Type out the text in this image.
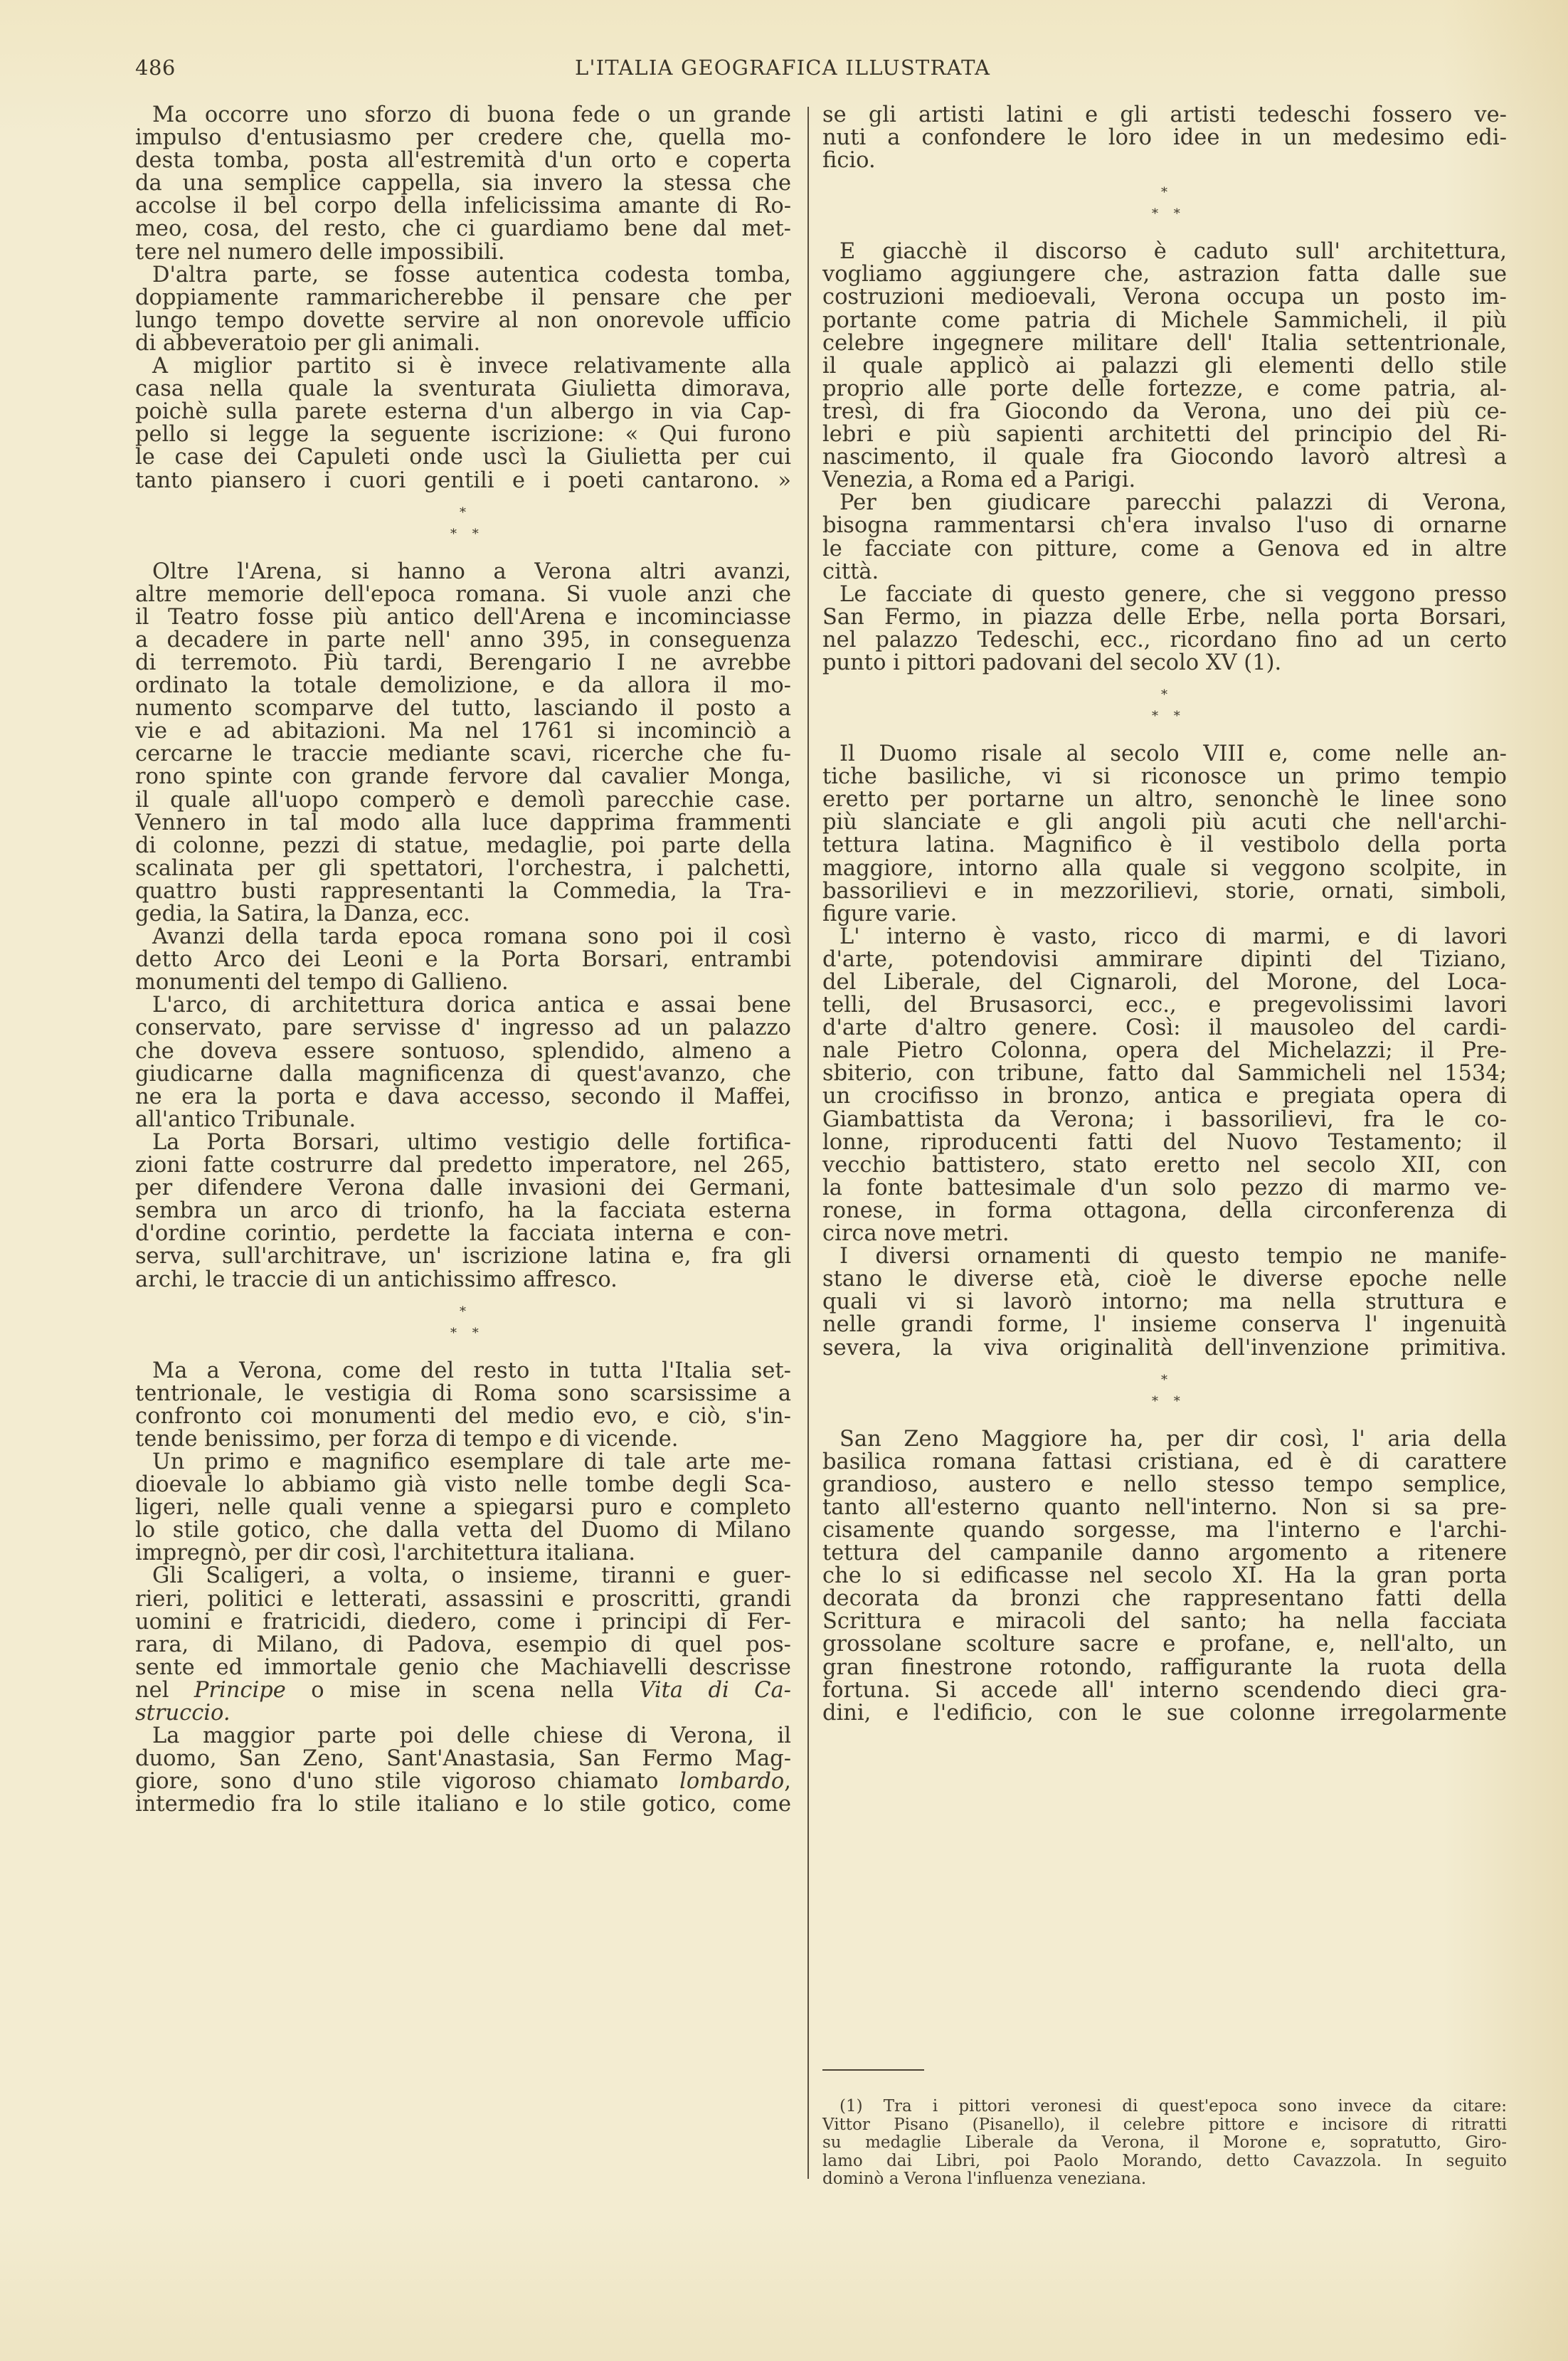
486	L'ITALIA GEOGRAFICA ILLUSTRATA
Ma occorre uno sforzo di buona fede o un grande
impulso d'entusiasmo per credere che, quella mo-
desta tomba, posta all'estremità d'un orto e coperta
da una semplice cappella, sia invero la stessa che
accolse il bel corpo della infelicissima amante di Ro-
meo, cosa, del resto, che ci guardiamo bene dal met-
tere nel numero delle impossibili.
D'altra parte, se fosse autentica codesta tomba,
doppiamente rammaricherebbe il pensare che per
lungo tempo dovette servire al non onorevole ufficio
di abbeveratoio per gli animali.
A miglior partito si è invece relativamente alla
casa nella quale la sventurata Giulietta dimorava,
poichè sulla parete esterna d'un albergo in via Cap-
pello si legge la seguente iscrizione: « Qui furono
le case dei Capuleti onde uscì la Giulietta per cui
tanto piansero i cuori gentili e i poeti cantarono. »
*
* *
Oltre l'Arena, si hanno a Verona altri avanzi,
altre memorie dell'epoca romana. Si vuole anzi che
il Teatro fosse più antico dell'Arena e incominciasse
a decadere in parte nell' anno 395, in conseguenza
di terremoto. Più tardi, Berengario I ne avrebbe
ordinato la totale demolizione, e da allora il mo-
numento scomparve del tutto, lasciando il posto a
vie e ad abitazioni. Ma nel 1761 si incominciò a
cercarne le traccie mediante scavi, ricerche che fu-
rono spinte con grande fervore dal cavalier Monga,
il quale all'uopo comperò e demolì parecchie case.
Vennero in tal modo alla luce dapprima frammenti
di colonne, pezzi di statue, medaglie, poi parte della
scalinata per gli spettatori, l'orchestra, i palchetti,
quattro busti rappresentanti la Commedia, la Tra-
gedia, la Satira, la Danza, ecc.
Avanzi della tarda epoca romana sono poi il così
detto Arco dei Leoni e la Porta Borsari, entrambi
monumenti del tempo di Gallieno.
L'arco, di architettura dorica antica e assai bene
conservato, pare servisse d' ingresso ad un palazzo
che doveva essere sontuoso, splendido, almeno a
giudicarne dalla magnificenza di quest'avanzo, che
ne era la porta e dava accesso, secondo il Maffei,
all'antico Tribunale.
La Porta Borsari, ultimo vestigio delle fortifica-
zioni fatte costrurre dal predetto imperatore, nel 265,
per difendere Verona dalle invasioni dei Germani,
sembra un arco di trionfo, ha la facciata esterna
d'ordine corintio, perdette la facciata interna e con-
serva, sull'architrave, un' iscrizione latina e, fra gli
archi, le traccie di un antichissimo affresco.
*
* *
Ma a Verona, come del resto in tutta l'Italia set-
tentrionale, le vestigia di Roma sono scarsissime a
confronto coi monumenti del medio evo, e ciò, s'in-
tende benissimo, per forza di tempo e di vicende.
Un primo e magnifico esemplare di tale arte me-
dioevale lo abbiamo già visto nelle tombe degli Sca-
ligeri, nelle quali venne a spiegarsi puro e completo
lo stile gotico, che dalla vetta del Duomo di Milano
impregnò, per dir così, l'architettura italiana.
Gli Scaligeri, a volta, o insieme, tiranni e guer-
rieri, politici e letterati, assassini e proscritti, grandi
uomini e fratricidi, diedero, come i principi di Fer-
rara, di Milano, di Padova, esempio di quel pos-
sente ed immortale genio che Machiavelli descrisse
nel Principe o mise in scena nella Vita di Ca-
struccio.
La maggior parte poi delle chiese di Verona, il
duomo, San Zeno, Sant'Anastasia, San Fermo Mag-
giore, sono d'uno stile vigoroso chiamato lombardo,
intermedio fra lo stile italiano e lo stile gotico, come
se gli artisti latini e gli artisti tedeschi fossero ve-
nuti a confondere le loro idee in un medesimo edi-
ficio.
*
* *
E giacchè il discorso è caduto sull' architettura,
vogliamo aggiungere che, astrazion fatta dalle sue
costruzioni medioevali, Verona occupa un posto im-
portante come patria di Michele Sammicheli, il più
celebre ingegnere militare dell' Italia settentrionale,
il quale applicò ai palazzi gli elementi dello stile
proprio alle porte delle fortezze, e come patria, al-
tresì, di fra Giocondo da Verona, uno dei più ce-
lebri e più sapienti architetti del principio del Ri-
nascimento, il quale fra Giocondo lavorò altresì a
Venezia, a Roma ed a Parigi.
Per ben giudicare parecchi palazzi di Verona,
bisogna rammentarsi ch'era invalso l'uso di ornarne
le facciate con pitture, come a Genova ed in altre
città.
Le facciate di questo genere, che si veggono presso
San Fermo, in piazza delle Erbe, nella porta Borsari,
nel palazzo Tedeschi, ecc., ricordano fino ad un certo
punto i pittori padovani del secolo XV (1).
*
* *
Il Duomo risale al secolo VIII e, come nelle an-
tiche basiliche, vi si riconosce un primo tempio
eretto per portarne un altro, senonchè le linee sono
più slanciate e gli angoli più acuti che nell'archi-
tettura latina. Magnifico è il vestibolo della porta
maggiore, intorno alla quale si veggono scolpite, in
bassorilievi e in mezzorilievi, storie, ornati, simboli,
figure varie.
L' interno è vasto, ricco di marmi, e di lavori
d'arte, potendovisi ammirare dipinti del Tiziano,
del Liberale, del Cignaroli, del Morone, del Loca-
telli, del Brusasorci, ecc., e pregevolissimi lavori
d'arte d'altro genere. Così: il mausoleo del cardi-
nale Pietro Colonna, opera del Michelazzi; il Pre-
sbiterio, con tribune, fatto dal Sammicheli nel 1534;
un crocifisso in bronzo, antica e pregiata opera di
Giambattista da Verona; i bassorilievi, fra le co-
lonne, riproducenti fatti del Nuovo Testamento; il
vecchio battistero, stato eretto nel secolo XII, con
la fonte battesimale d'un solo pezzo di marmo ve-
ronese, in forma ottagona, della circonferenza di
circa nove metri.
I diversi ornamenti di questo tempio ne manife-
stano le diverse età, cioè le diverse epoche nelle
quali vi si lavorò intorno; ma nella struttura e
nelle grandi forme, l' insieme conserva l' ingenuità
severa, la viva originalità dell'invenzione primitiva.
*
* *
San Zeno Maggiore ha, per dir così, l' aria della
basilica romana fattasi cristiana, ed è di carattere
grandioso, austero e nello stesso tempo semplice,
tanto all'esterno quanto nell'interno. Non si sa pre-
cisamente quando sorgesse, ma l'interno e l'archi-
tettura del campanile danno argomento a ritenere
che lo si edificasse nel secolo XI. Ha la gran porta
decorata da bronzi che rappresentano fatti della
Scrittura e miracoli del santo; ha nella facciata
grossolane scolture sacre e profane, e, nell'alto, un
gran finestrone rotondo, raffigurante la ruota della
fortuna. Si accede all' interno scendendo dieci gra-
dini, e l'edificio, con le sue colonne irregolarmente
(1) Tra i pittori veronesi di quest'epoca sono invece da citare:
Vittor Pisano (Pisanello), il celebre pittore e incisore di ritratti
su medaglie Liberale da Verona, il Morone e, sopratutto, Giro-
lamo dai Libri, poi Paolo Morando, detto Cavazzola. In seguito
dominò a Verona l'influenza veneziana.
